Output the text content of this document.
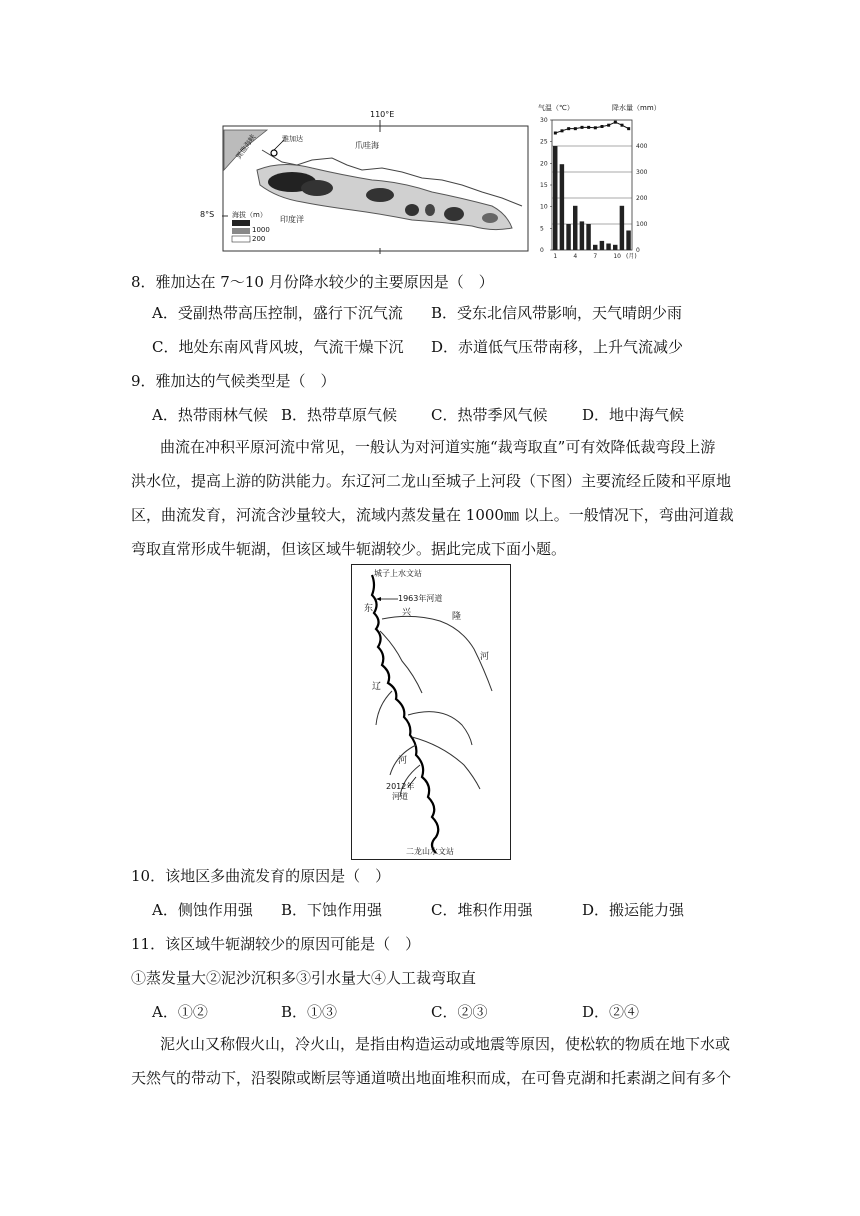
110°E
8°S
雅加达
巽他海峡	爪哇海
印度洋
海拔（m）
1000
200
0
100
200
300
400
0
5
10
15
20
25
30
1	4	7	10 (月)
气温（℃）	降水量（mm）
8．雅加达在 7～10 月份降水较少的主要原因是（　）
A．受副热带高压控制，盛行下沉气流 B．受东北信风带影响，天气晴朗少雨
C．地处东南风背风坡，气流干燥下沉 D．赤道低气压带南移，上升气流减少
9．雅加达的气候类型是（　）
A．热带雨林气候 B．热带草原气候 C．热带季风气候 D．地中海气候
曲流在冲积平原河流中常见，一般认为对河道实施“裁弯取直”可有效降低裁弯段上游
洪水位，提高上游的防洪能力。东辽河二龙山至城子上河段（下图）主要流经丘陵和平原地
区，曲流发育，河流含沙量较大，流域内蒸发量在 1000㎜ 以上。一般情况下，弯曲河道裁
弯取直常形成牛轭湖，但该区域牛轭湖较少。据此完成下面小题。
城子上水文站
1963年河道
东
辽
河
兴	隆
河
2012年
河道
二龙山水文站
10．该地区多曲流发育的原因是（　）
A．侧蚀作用强 B．下蚀作用强	C．堆积作用强	D．搬运能力强
11．该区域牛轭湖较少的原因可能是（　）
①蒸发量大②泥沙沉积多③引水量大④人工裁弯取直
A．①②	B．①③	C．②③	D．②④
泥火山又称假火山，冷火山，是指由构造运动或地震等原因，使松软的物质在地下水或
天然气的带动下，沿裂隙或断层等通道喷出地面堆积而成，在可鲁克湖和托素湖之间有多个
